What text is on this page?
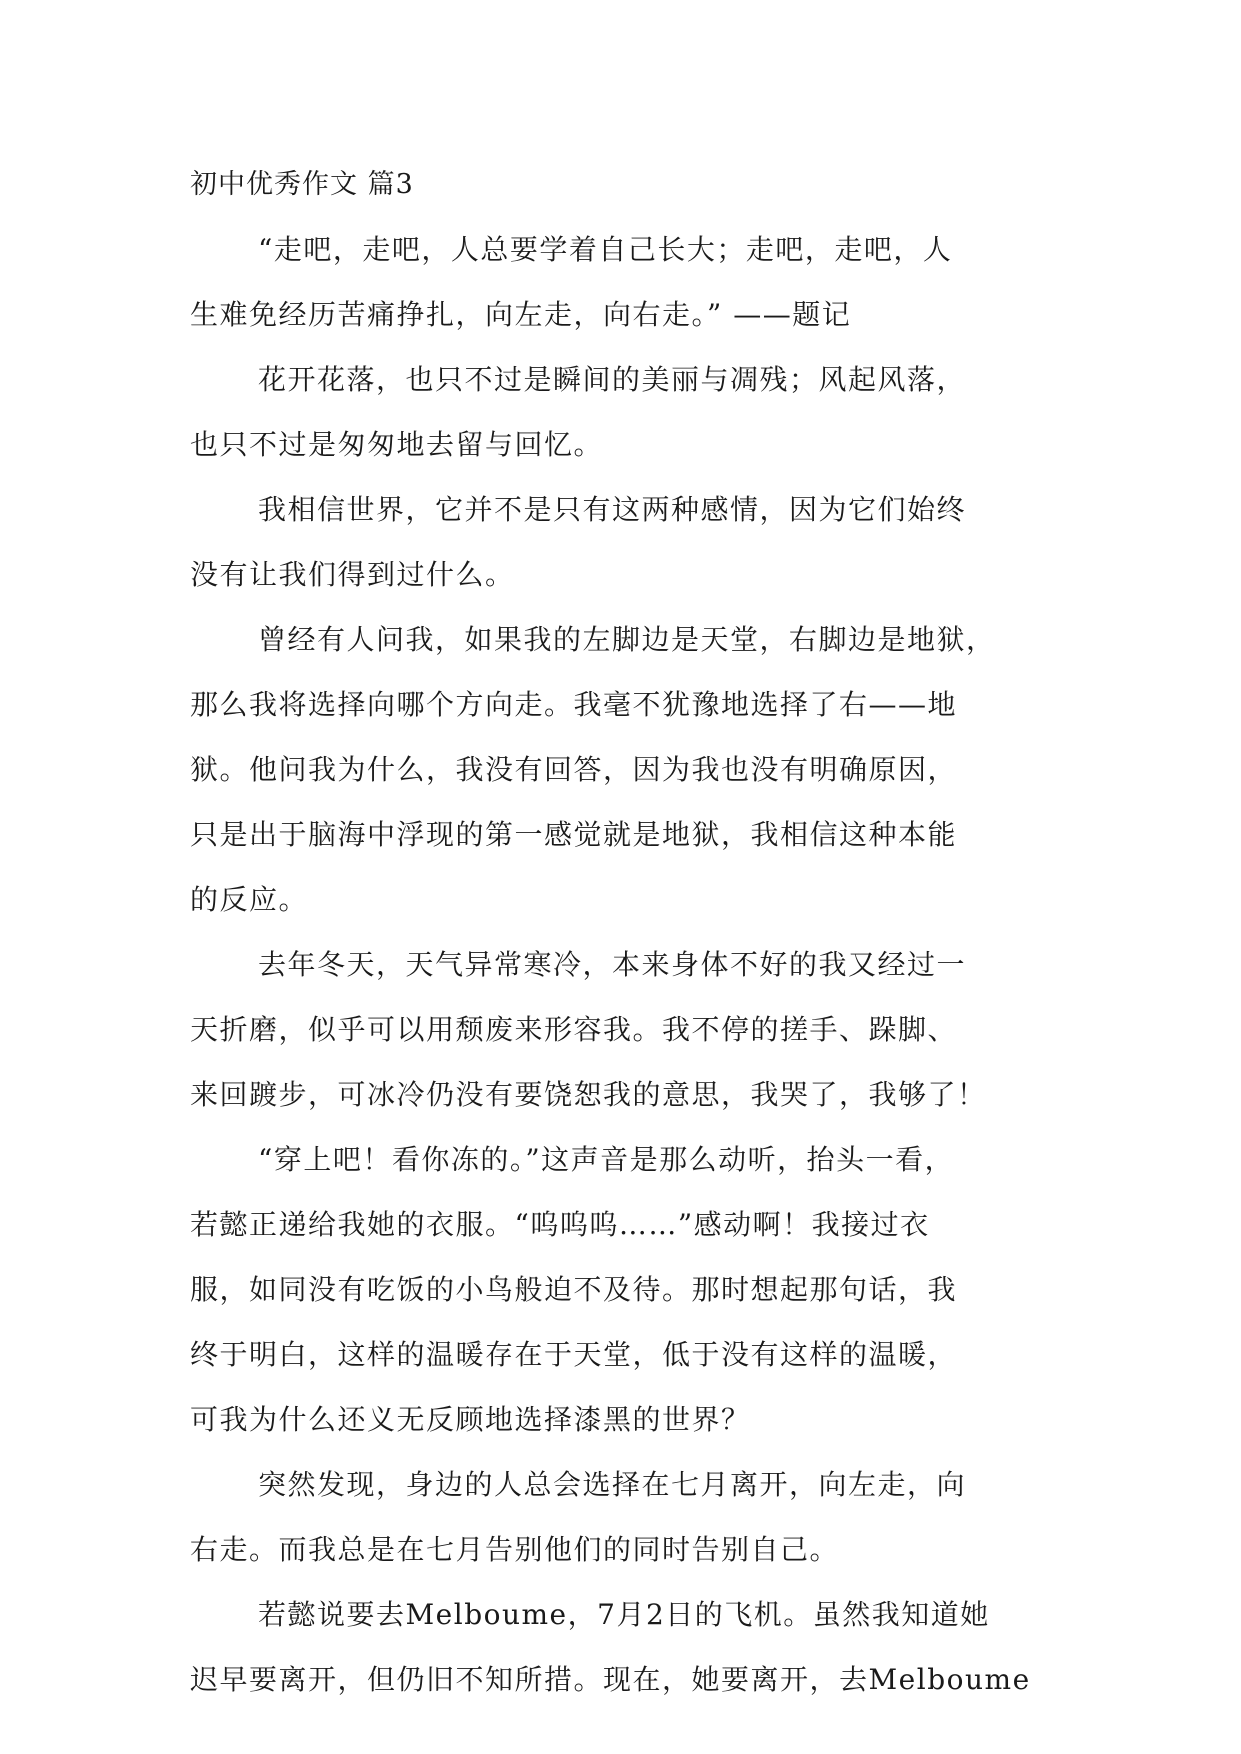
初中优秀作文 篇3
“走吧，走吧，人总要学着自己长大；走吧，走吧，人
生难免经历苦痛挣扎，向左走，向右走。” ——题记
花开花落，也只不过是瞬间的美丽与凋残；风起风落，
也只不过是匆匆地去留与回忆。
我相信世界，它并不是只有这两种感情，因为它们始终
没有让我们得到过什么。
曾经有人问我，如果我的左脚边是天堂，右脚边是地狱，
那么我将选择向哪个方向走。我毫不犹豫地选择了右——地
狱。他问我为什么，我没有回答，因为我也没有明确原因，
只是出于脑海中浮现的第一感觉就是地狱，我相信这种本能
的反应。
去年冬天，天气异常寒冷，本来身体不好的我又经过一
天折磨，似乎可以用颓废来形容我。我不停的搓手、跺脚、
来回踱步，可冰冷仍没有要饶恕我的意思，我哭了，我够了！
“穿上吧！看你冻的。”这声音是那么动听，抬头一看，
若懿正递给我她的衣服。“呜呜呜……”感动啊！我接过衣
服，如同没有吃饭的小鸟般迫不及待。那时想起那句话，我
终于明白，这样的温暖存在于天堂，低于没有这样的温暖，
可我为什么还义无反顾地选择漆黑的世界？
突然发现，身边的人总会选择在七月离开，向左走，向
右走。而我总是在七月告别他们的同时告别自己。
若懿说要去Melboume，7月2日的飞机。虽然我知道她
迟早要离开，但仍旧不知所措。现在，她要离开，去Melboume
